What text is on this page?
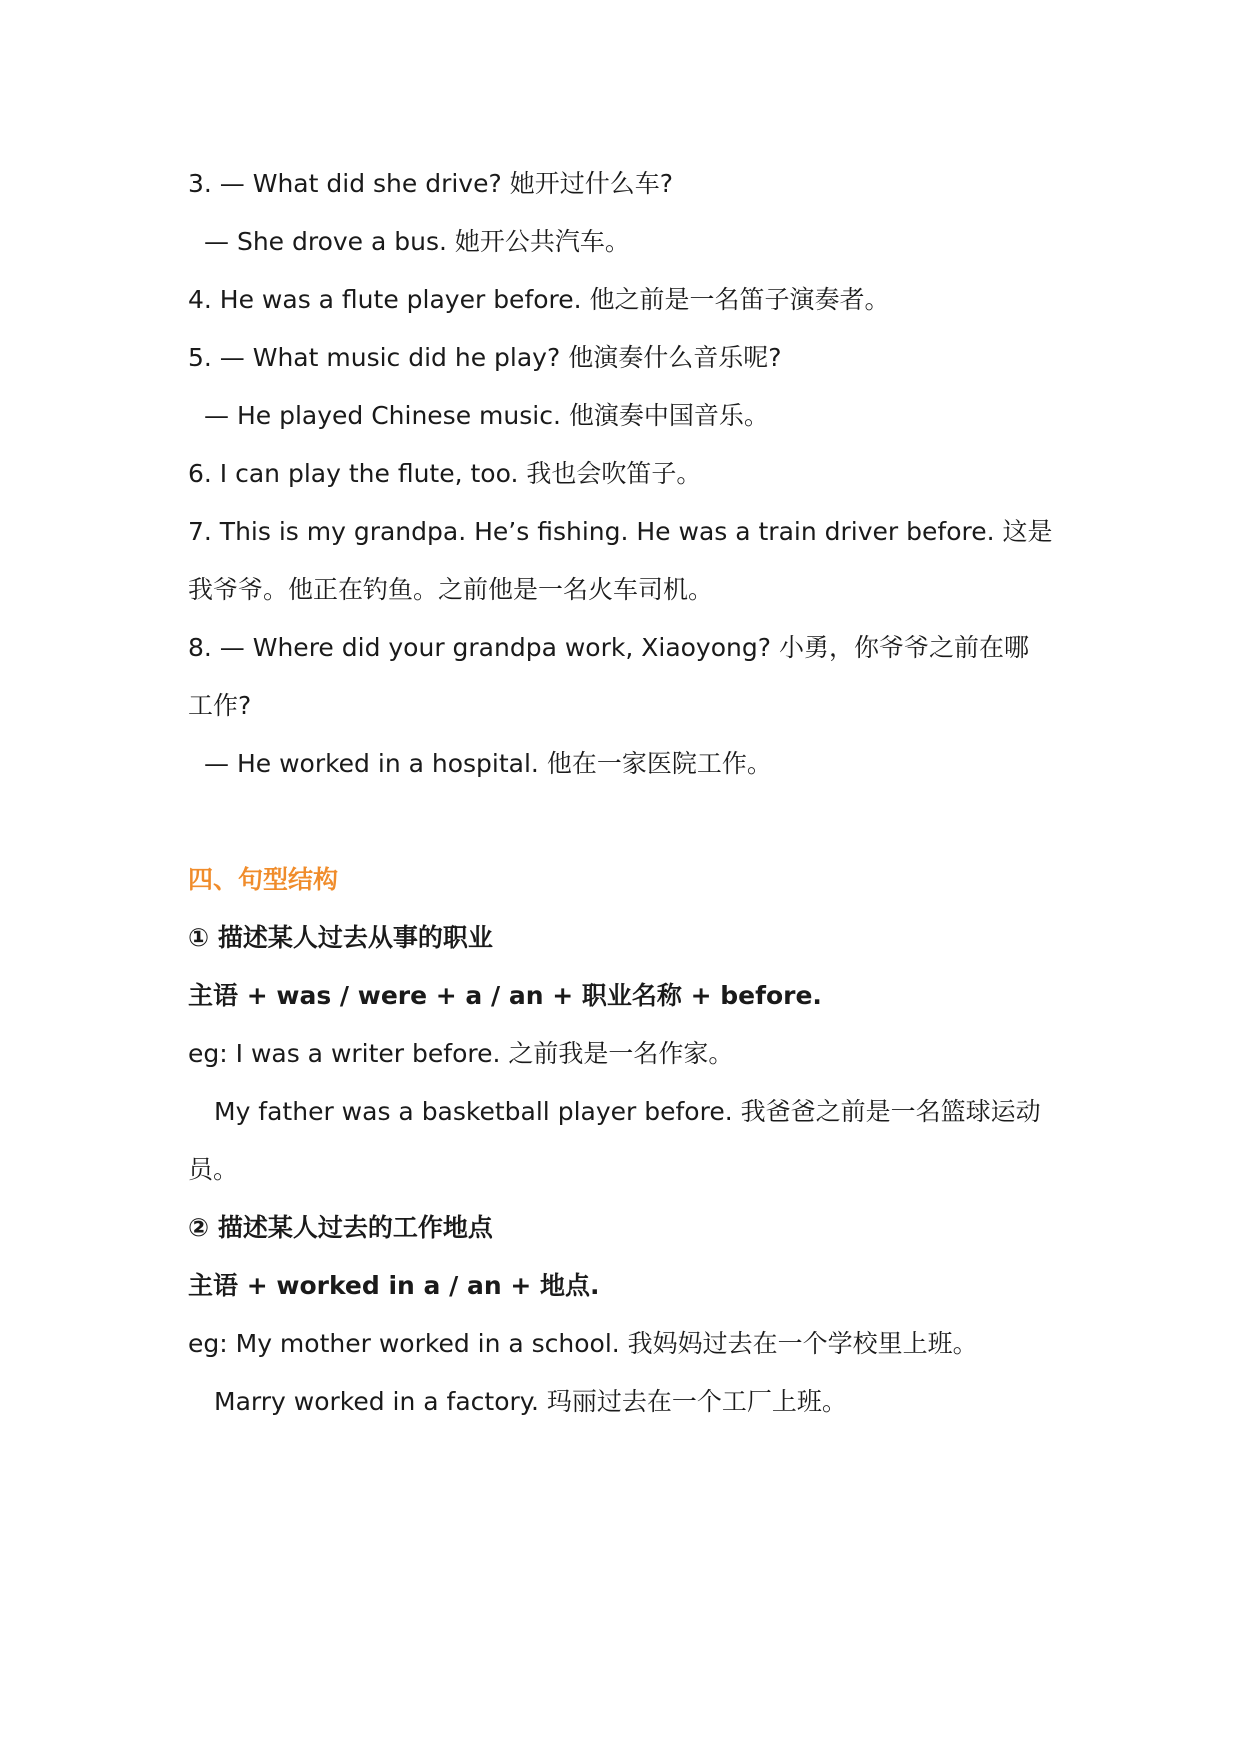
3. — What did she drive? 她开过什么车?
— She drove a bus. 她开公共汽车。
4. He was a flute player before. 他之前是一名笛子演奏者。
5. — What music did he play? 他演奏什么音乐呢?
— He played Chinese music. 他演奏中国音乐。
6. I can play the flute, too. 我也会吹笛子。
7. This is my grandpa. He’s fishing. He was a train driver before. 这是
我爷爷。他正在钓鱼。之前他是一名火车司机。
8. — Where did your grandpa work, Xiaoyong? 小勇，你爷爷之前在哪
工作?
— He worked in a hospital. 他在一家医院工作。
四、句型结构
① 描述某人过去从事的职业
主语 + was / were + a / an + 职业名称 + before.
eg: I was a writer before. 之前我是一名作家。
My father was a basketball player before. 我爸爸之前是一名篮球运动
员。
② 描述某人过去的工作地点
主语 + worked in a / an + 地点.
eg: My mother worked in a school. 我妈妈过去在一个学校里上班。
Marry worked in a factory. 玛丽过去在一个工厂上班。
